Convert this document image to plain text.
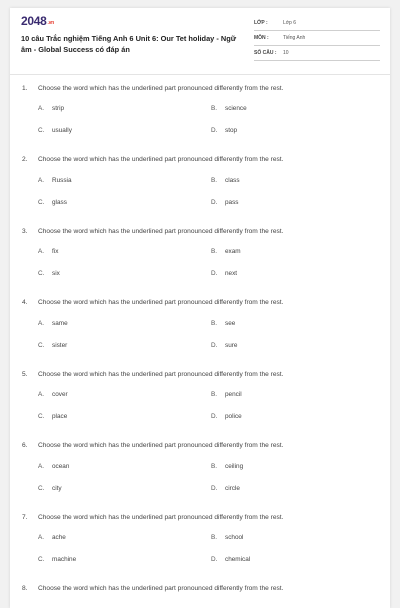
$2048^{.vn}$
10 câu Trắc nghiệm Tiếng Anh 6 Unit 6: Our Tet holiday - Ngữ âm - Global Success có đáp án
LỚP :	Lớp 6
MÔN :	Tiếng Anh
SỐ CÂU :	10
1.	Choose the word which has the underlined part pronounced differently from the rest.
A.	strip	B.	science
C.	usually	D.	stop
2.	Choose the word which has the underlined part pronounced differently from the rest.
A.	Russia	B.	class
C.	glass	D.	pass
3.	Choose the word which has the underlined part pronounced differently from the rest.
A.	fix	B.	exam
C.	six	D.	next
4.	Choose the word which has the underlined part pronounced differently from the rest.
A.	same	B.	see
C.	sister	D.	sure
5.	Choose the word which has the underlined part pronounced differently from the rest.
A.	cover	B.	pencil
C.	place	D.	police
6.	Choose the word which has the underlined part pronounced differently from the rest.
A.	ocean	B.	ceiling
C.	city	D.	circle
7.	Choose the word which has the underlined part pronounced differently from the rest.
A.	ache	B.	school
C.	machine	D.	chemical
8.	Choose the word which has the underlined part pronounced differently from the rest.
